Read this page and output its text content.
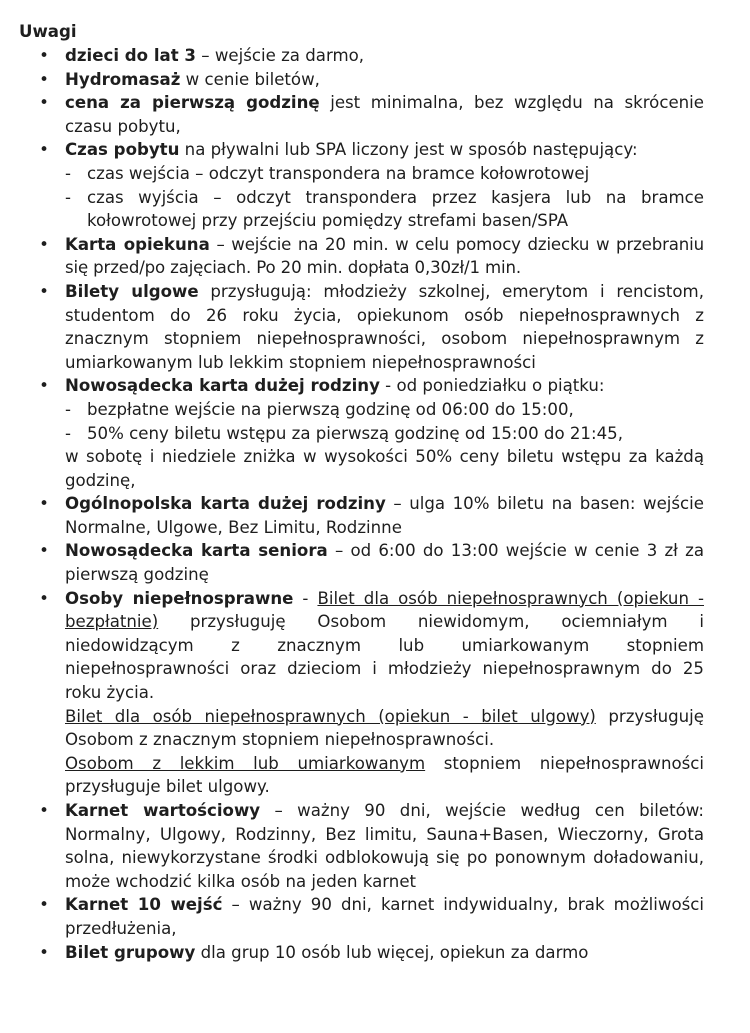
Uwagi
• dzieci do lat 3 – wejście za darmo,
• Hydromasaż w cenie biletów,
• cena za pierwszą godzinę jest minimalna, bez względu na skrócenie czasu pobytu,
• Czas pobytu na pływalni lub SPA liczony jest w sposób następujący:
- czas wejścia – odczyt transpondera na bramce kołowrotowej
- czas wyjścia – odczyt transpondera przez kasjera lub na bramce kołowrotowej przy przejściu pomiędzy strefami basen/SPA
• Karta opiekuna – wejście na 20 min. w celu pomocy dziecku w przebraniu się przed/po zajęciach. Po 20 min. dopłata 0,30zł/1 min.
• Bilety ulgowe przysługują: młodzieży szkolnej, emerytom i rencistom, studentom do 26 roku życia, opiekunom osób niepełnosprawnych z znacznym stopniem niepełnosprawności, osobom niepełnosprawnym z umiarkowanym lub lekkim stopniem niepełnosprawności
• Nowosądecka karta dużej rodziny - od poniedziałku o piątku:
- bezpłatne wejście na pierwszą godzinę od 06:00 do 15:00,
- 50% ceny biletu wstępu za pierwszą godzinę od 15:00 do 21:45,

w sobotę i niedziele zniżka w wysokości 50% ceny biletu wstępu za każdą godzinę,

• Ogólnopolska karta dużej rodziny – ulga 10% biletu na basen: wejście Normalne, Ulgowe, Bez Limitu, Rodzinne
• Nowosądecka karta seniora – od 6:00 do 13:00 wejście w cenie 3 zł za pierwszą godzinę
• Osoby niepełnosprawne - Bilet dla osób niepełnosprawnych (opiekun - bezpłatnie) przysługuję Osobom niewidomym, ociemniałym i niedowidzącym z znacznym lub umiarkowanym stopniem niepełnosprawności oraz dzieciom i młodzieży niepełnosprawnym do 25 roku życia.

Bilet dla osób niepełnosprawnych (opiekun - bilet ulgowy) przysługuję Osobom z znacznym stopniem niepełnosprawności.

Osobom z lekkim lub umiarkowanym stopniem niepełnosprawności przysługuje bilet ulgowy.

• Karnet wartościowy – ważny 90 dni, wejście według cen biletów: Normalny, Ulgowy, Rodzinny, Bez limitu, Sauna+Basen, Wieczorny, Grota solna, niewykorzystane środki odblokowują się po ponownym doładowaniu, może wchodzić kilka osób na jeden karnet
• Karnet 10 wejść – ważny 90 dni, karnet indywidualny, brak możliwości przedłużenia,
• Bilet grupowy dla grup 10 osób lub więcej, opiekun za darmo
